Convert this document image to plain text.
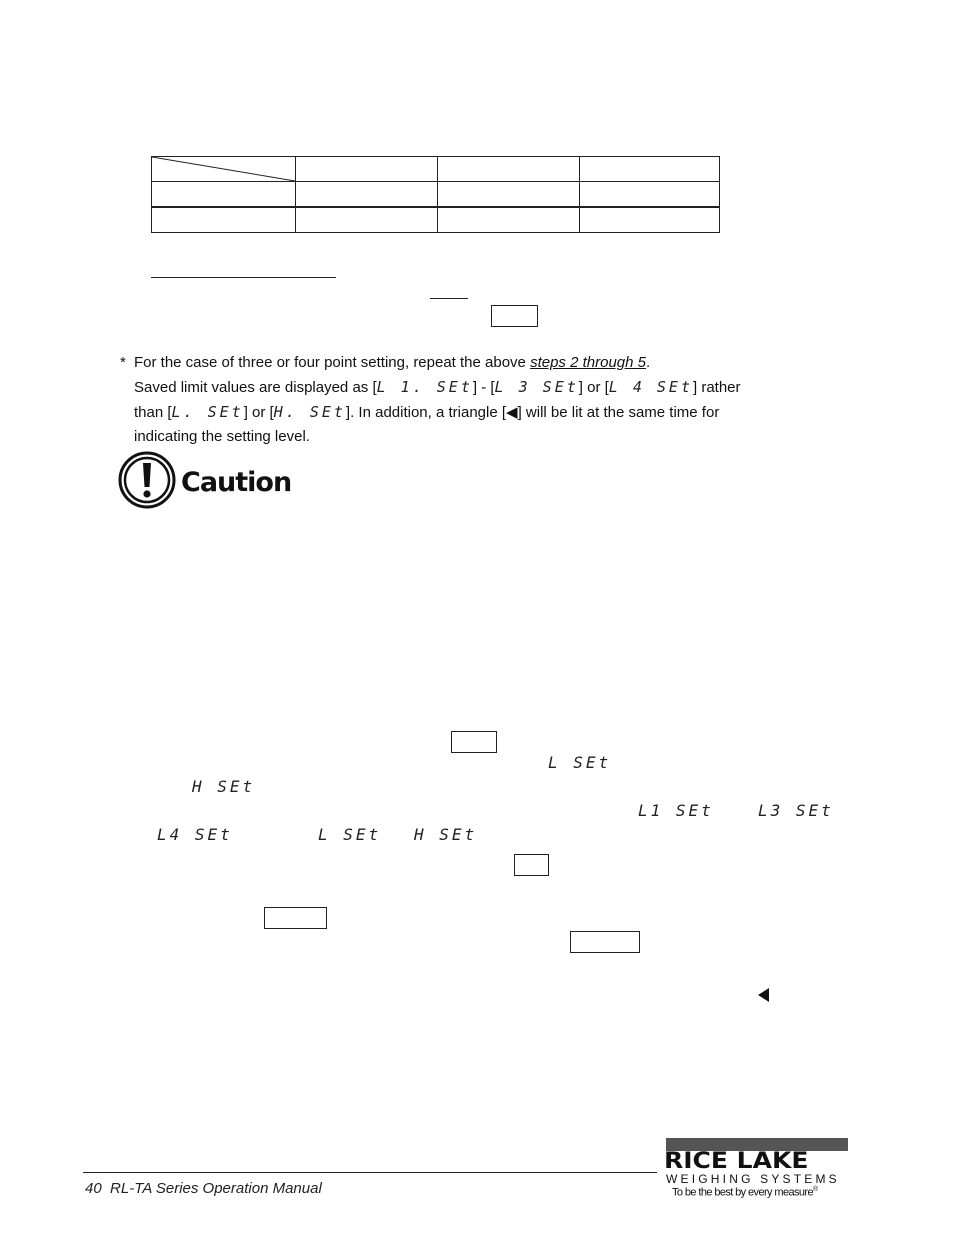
* For the case of three or four point setting, repeat the above steps 2 through 5.
Saved limit values are displayed as [L 1. SEt] - [L 3 SEt] or [L 4 SEt] rather
than [L. SEt] or [H. SEt]. In addition, a triangle [◀] will be lit at the same time for
indicating the setting level.
Caution
L SEt
H SEt
L1 SEt	L3 SEt
L4 SEt	L SEt H SEt
40 RL-TA Series Operation Manual
RICE LAKE
WEIGHING SYSTEMS
To be the best by every measure®
